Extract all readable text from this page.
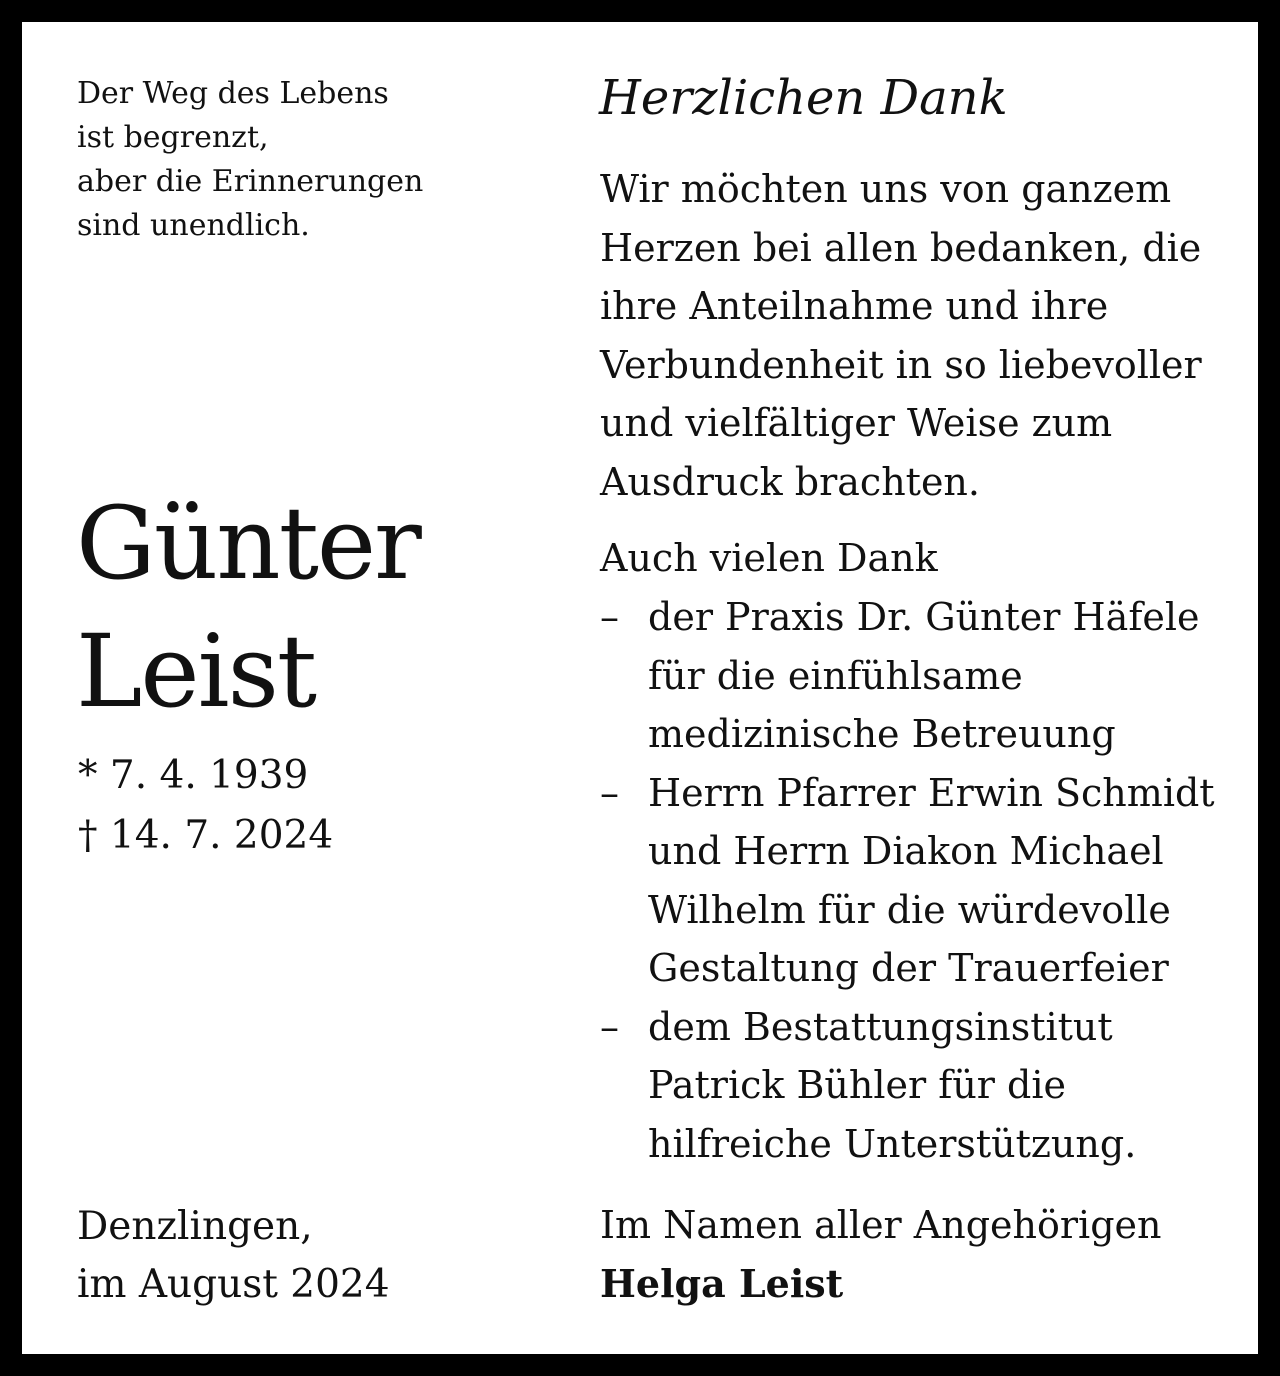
Der Weg des Lebens
ist begrenzt,
aber die Erinnerungen
sind unendlich.
Günter
Leist
* 7. 4. 1939
† 14. 7. 2024
Denzlingen,
im August 2024
Herzlichen Dank
Wir möchten uns von ganzem
Herzen bei allen bedanken, die
ihre Anteilnahme und ihre
Verbundenheit in so liebevoller
und vielfältiger Weise zum
Ausdruck brachten.
Auch vielen Dank
– der Praxis Dr. Günter Häfele
für die einfühlsame
medizinische Betreuung
– Herrn Pfarrer Erwin Schmidt
und Herrn Diakon Michael
Wilhelm für die würdevolle
Gestaltung der Trauerfeier
– dem Bestattungsinstitut
Patrick Bühler für die
hilfreiche Unterstützung.
Im Namen aller Angehörigen
Helga Leist
